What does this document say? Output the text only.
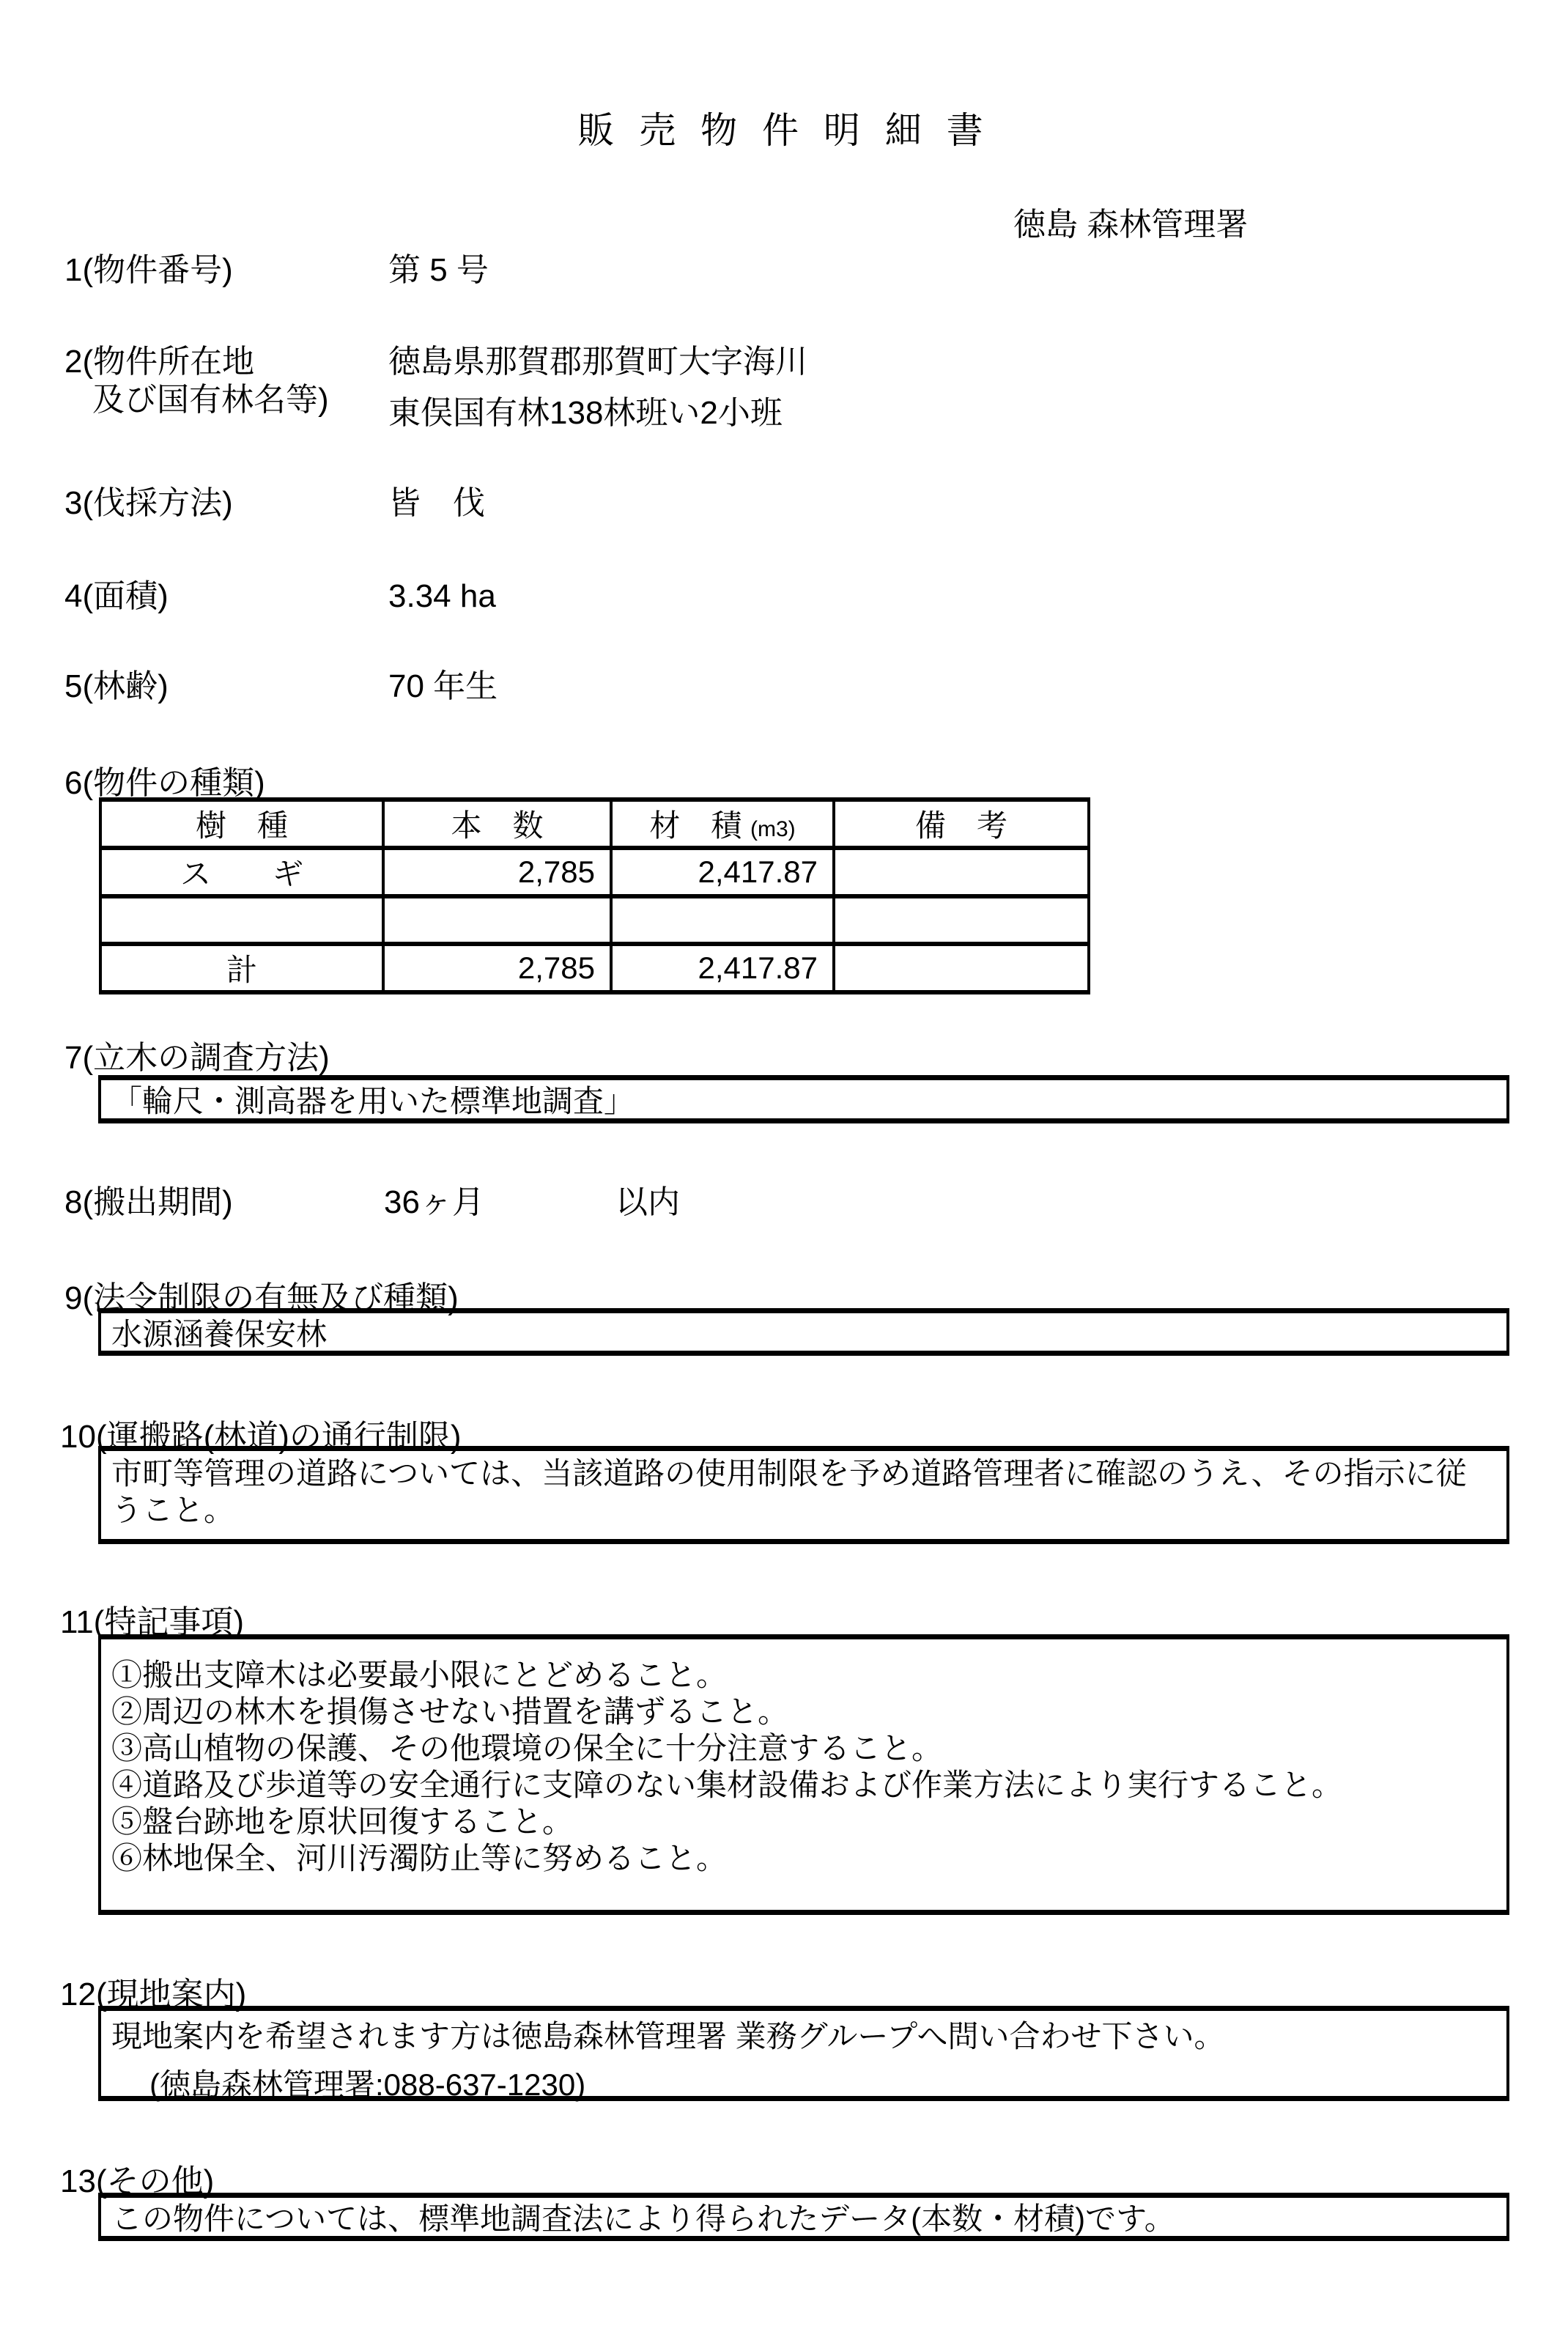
販 売 物 件 明 細 書
徳島 森林管理署
1(物件番号)	第 5 号
2(物件所在地
及び国有林名等)
徳島県那賀郡那賀町大字海川
東俣国有林138林班い2小班
3(伐採方法)	皆　伐
4(面積)	3.34 ha
5(林齢)	70 年生
6(物件の種類)
樹　種	本　数	材　積 (m3)	備　考
ス　　ギ	2,785	2,417.87	

計	2,785	2,417.87	
7(立木の調査方法)
「輪尺・測高器を用いた標準地調査」
8(搬出期間)	36ヶ月	以内
9(法令制限の有無及び種類)
水源涵養保安林
10(運搬路(林道)の通行制限)
市町等管理の道路については、当該道路の使用制限を予め道路管理者に確認のうえ、その指示に従うこと。
11(特記事項)
①搬出支障木は必要最小限にとどめること。
②周辺の林木を損傷させない措置を講ずること。
③高山植物の保護、その他環境の保全に十分注意すること。
④道路及び歩道等の安全通行に支障のない集材設備および作業方法により実行すること。
⑤盤台跡地を原状回復すること。
⑥林地保全、河川汚濁防止等に努めること。
12(現地案内)
現地案内を希望されます方は徳島森林管理署 業務グループへ問い合わせ下さい。
(徳島森林管理署:088-637-1230)
13(その他)
この物件については、標準地調査法により得られたデータ(本数・材積)です。
